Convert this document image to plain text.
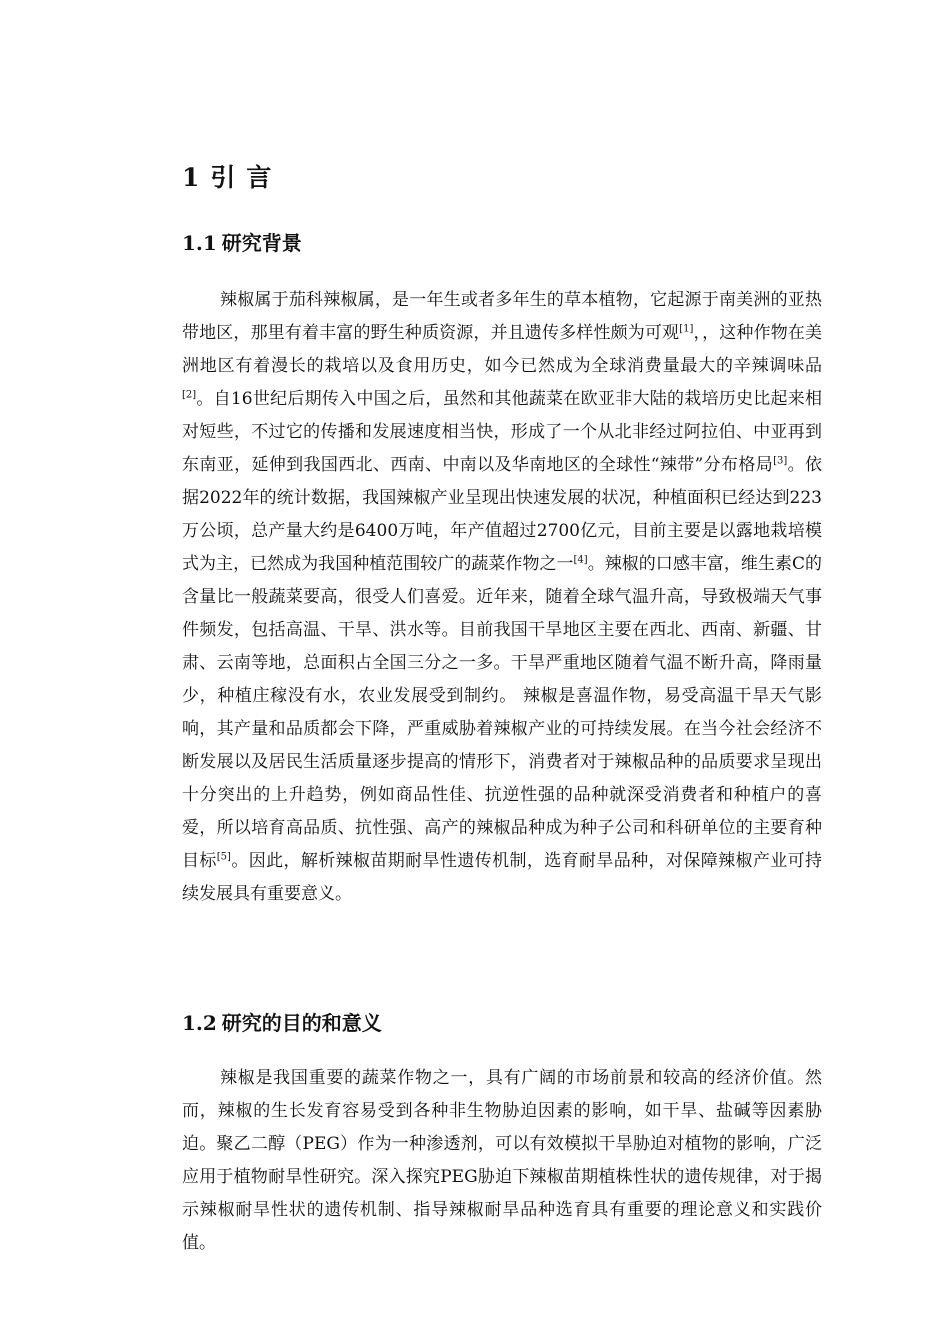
1 引 言
1.1 研究背景

辣椒属于茄科辣椒属，是一年生或者多年生的草本植物，它起源于南美洲的亚热带地区，那里有着丰富的野生种质资源，并且遗传多样性颇为可观[1]，，这种作物在美洲地区有着漫长的栽培以及食用历史，如今已然成为全球消费量最大的辛辣调味品[2]。自16世纪后期传入中国之后，虽然和其他蔬菜在欧亚非大陆的栽培历史比起来相对短些，不过它的传播和发展速度相当快，形成了一个从北非经过阿拉伯、中亚再到东南亚，延伸到我国西北、西南、中南以及华南地区的全球性“辣带”分布格局[3]。依据2022年的统计数据，我国辣椒产业呈现出快速发展的状况，种植面积已经达到223万公顷，总产量大约是6400万吨，年产值超过2700亿元，目前主要是以露地栽培模式为主，已然成为我国种植范围较广的蔬菜作物之一[4]。辣椒的口感丰富，维生素C的含量比一般蔬菜要高，很受人们喜爱。近年来，随着全球气温升高，导致极端天气事件频发，包括高温、干旱、洪水等。目前我国干旱地区主要在西北、西南、新疆、甘肃、云南等地，总面积占全国三分之一多。干旱严重地区随着气温不断升高，降雨量少，种植庄稼没有水，农业发展受到制约。 辣椒是喜温作物，易受高温干旱天气影响，其产量和品质都会下降，严重威胁着辣椒产业的可持续发展。在当今社会经济不断发展以及居民生活质量逐步提高的情形下，消费者对于辣椒品种的品质要求呈现出十分突出的上升趋势，例如商品性佳、抗逆性强的品种就深受消费者和种植户的喜爱，所以培育高品质、抗性强、高产的辣椒品种成为种子公司和科研单位的主要育种目标[5]。因此，解析辣椒苗期耐旱性遗传机制，选育耐旱品种，对保障辣椒产业可持续发展具有重要意义。

1.2 研究的目的和意义

辣椒是我国重要的蔬菜作物之一，具有广阔的市场前景和较高的经济价值。然而，辣椒的生长发育容易受到各种非生物胁迫因素的影响，如干旱、盐碱等因素胁迫。聚乙二醇（PEG）作为一种渗透剂，可以有效模拟干旱胁迫对植物的影响，广泛应用于植物耐旱性研究。深入探究PEG胁迫下辣椒苗期植株性状的遗传规律，对于揭示辣椒耐旱性状的遗传机制、指导辣椒耐旱品种选育具有重要的理论意义和实践价值。
